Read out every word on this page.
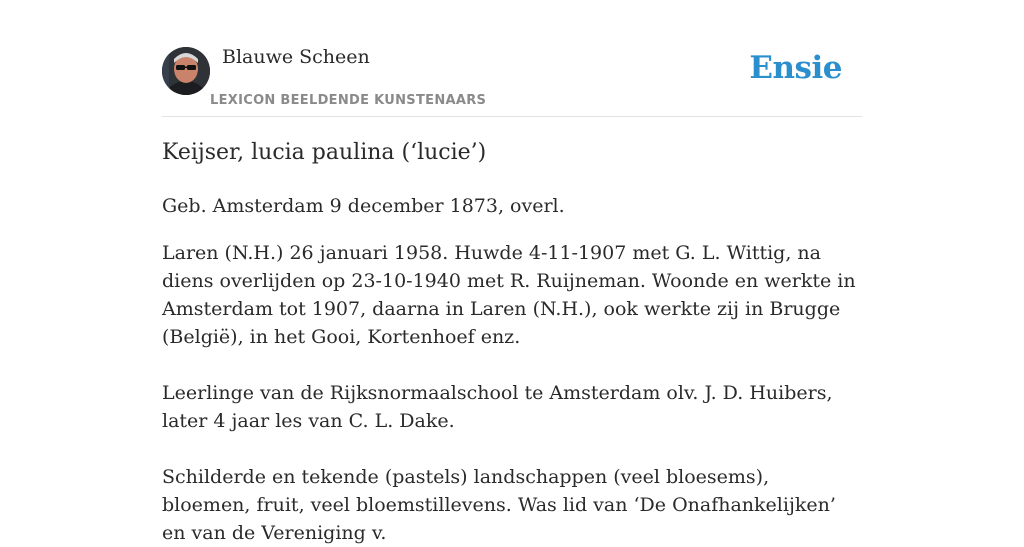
Blauwe Scheen
LEXICON BEELDENDE KUNSTENAARS
Ensie
Keijser, lucia paulina (‘lucie’)
Geb. Amsterdam 9 december 1873, overl.
Laren (N.H.) 26 januari 1958. Huwde 4-11-1907 met G. L. Wittig, na diens overlijden op 23-10-1940 met R. Ruijneman. Woonde en werkte in Amsterdam tot 1907, daarna in Laren (N.H.), ook werkte zij in Brugge (België), in het Gooi, Kortenhoef enz.
Leerlinge van de Rijksnormaalschool te Amsterdam olv. J. D. Huibers, later 4 jaar les van C. L. Dake.
Schilderde en tekende (pastels) landschappen (veel bloesems), bloemen, fruit, veel bloemstillevens. Was lid van ‘De Onafhankelijken’ en van de Vereniging v.
